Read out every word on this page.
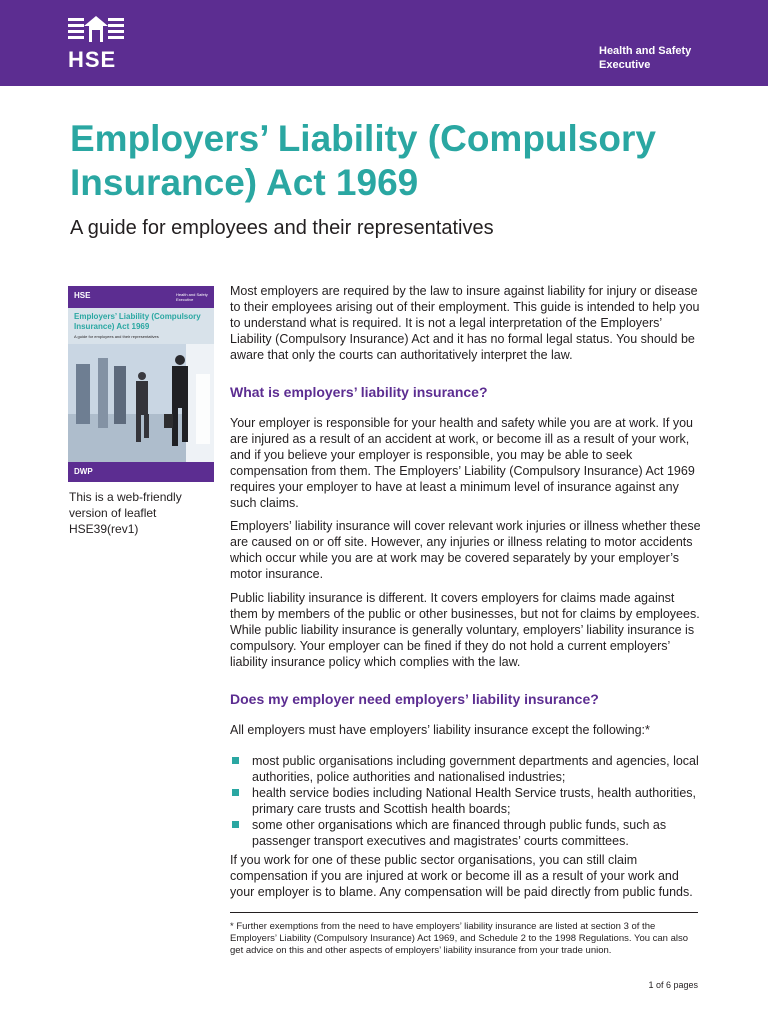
HSE	Health and Safety Executive
Employers’ Liability (Compulsory Insurance) Act 1969
A guide for employees and their representatives
HSE	Health and Safety Executive
Employers’ Liability (Compulsory Insurance) Act 1969
A guide for employees and their representatives
DWP
This is a web-friendly version of leaflet HSE39(rev1)

Most employers are required by the law to insure against liability for injury or disease to their employees arising out of their employment. This guide is intended to help you to understand what is required. It is not a legal interpretation of the Employers’ Liability (Compulsory Insurance) Act and it has no formal legal status. You should be aware that only the courts can authoritatively interpret the law.

What is employers’ liability insurance?

Your employer is responsible for your health and safety while you are at work. If you are injured as a result of an accident at work, or become ill as a result of your work, and if you believe your employer is responsible, you may be able to seek compensation from them. The Employers’ Liability (Compulsory Insurance) Act 1969 requires your employer to have at least a minimum level of insurance against any such claims.

Employers’ liability insurance will cover relevant work injuries or illness whether these are caused on or off site. However, any injuries or illness relating to motor accidents which occur while you are at work may be covered separately by your employer’s motor insurance.

Public liability insurance is different. It covers employers for claims made against them by members of the public or other businesses, but not for claims by employees. While public liability insurance is generally voluntary, employers’ liability insurance is compulsory. Your employer can be fined if they do not hold a current employers’ liability insurance policy which complies with the law.

Does my employer need employers’ liability insurance?

All employers must have employers’ liability insurance except the following:*

most public organisations including government departments and agencies, local authorities, police authorities and nationalised industries;
health service bodies including National Health Service trusts, health authorities, primary care trusts and Scottish health boards;
some other organisations which are financed through public funds, such as passenger transport executives and magistrates’ courts committees.

If you work for one of these public sector organisations, you can still claim compensation if you are injured at work or become ill as a result of your work and your employer is to blame. Any compensation will be paid directly from public funds.

* Further exemptions from the need to have employers’ liability insurance are listed at section 3 of the Employers’ Liability (Compulsory Insurance) Act 1969, and Schedule 2 to the 1998 Regulations. You can also get advice on this and other aspects of employers’ liability insurance from your trade union.

1 of 6 pages
